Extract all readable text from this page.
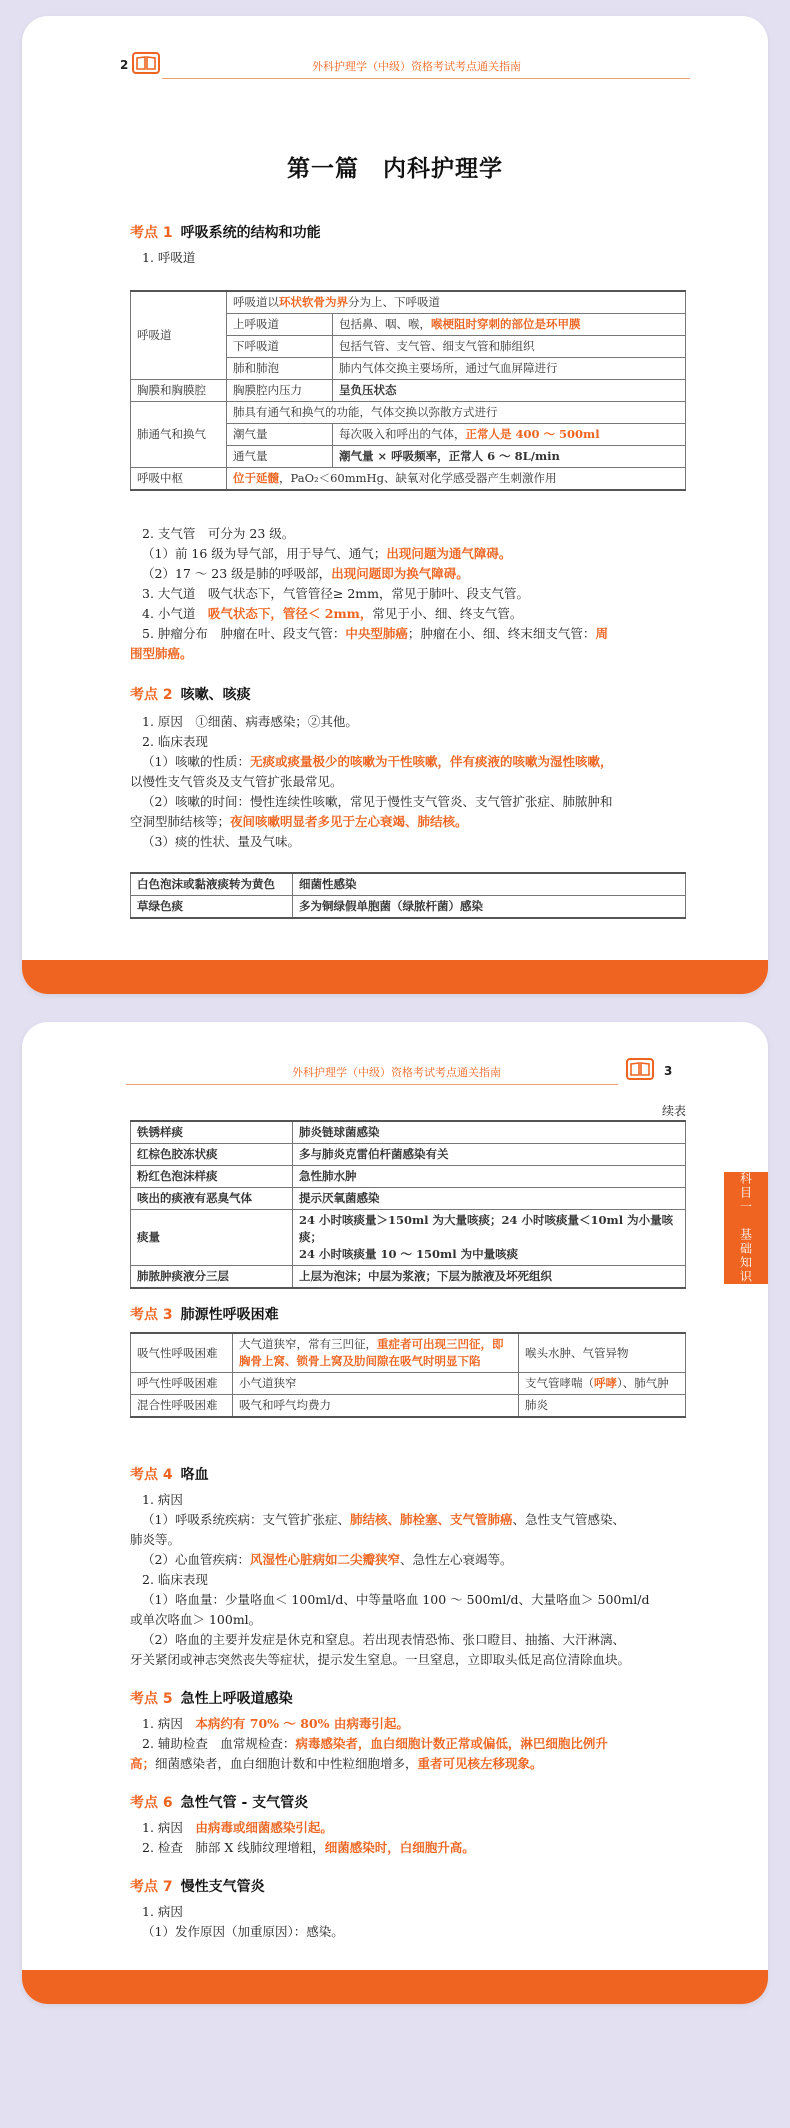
2	外科护理学（中级）资格考试考点通关指南
第一篇　内科护理学
考点 1 呼吸系统的结构和功能
1. 呼吸道
呼吸道	呼吸道以环状软骨为界分为上、下呼吸道	
	上呼吸道	包括鼻、咽、喉，喉梗阻时穿刺的部位是环甲膜
	下呼吸道	包括气管、支气管、细支气管和肺组织
	肺和肺泡	肺内气体交换主要场所，通过气血屏障进行
胸膜和胸膜腔	胸膜腔内压力	呈负压状态
肺通气和换气	肺具有通气和换气的功能，气体交换以弥散方式进行	
	潮气量	每次吸入和呼出的气体，正常人是 400 ～ 500ml
	通气量	潮气量 × 呼吸频率，正常人 6 ～ 8L/min
呼吸中枢	位于延髓，PaO₂＜60mmHg、缺氧对化学感受器产生刺激作用	
2. 支气管　可分为 23 级。
（1）前 16 级为导气部，用于导气、通气；出现问题为通气障碍。
（2）17 ～ 23 级是肺的呼吸部，出现问题即为换气障碍。
3. 大气道　吸气状态下，气管管径≥ 2mm，常见于肺叶、段支气管。
4. 小气道　吸气状态下，管径＜ 2mm，常见于小、细、终支气管。
5. 肿瘤分布　肿瘤在叶、段支气管：中央型肺癌；肿瘤在小、细、终末细支气管：周
围型肺癌。
考点 2 咳嗽、咳痰
1. 原因　①细菌、病毒感染；②其他。
2. 临床表现
（1）咳嗽的性质：无痰或痰量极少的咳嗽为干性咳嗽，伴有痰液的咳嗽为湿性咳嗽，
以慢性支气管炎及支气管扩张最常见。
（2）咳嗽的时间：慢性连续性咳嗽，常见于慢性支气管炎、支气管扩张症、肺脓肿和
空洞型肺结核等；夜间咳嗽明显者多见于左心衰竭、肺结核。
（3）痰的性状、量及气味。
白色泡沫或黏液痰转为黄色	细菌性感染
草绿色痰	多为铜绿假单胞菌（绿脓杆菌）感染
外科护理学（中级）资格考试考点通关指南	3
科目一　基础知识
续表
铁锈样痰	肺炎链球菌感染
红棕色胶冻状痰	多与肺炎克雷伯杆菌感染有关
粉红色泡沫样痰	急性肺水肿
咳出的痰液有恶臭气体	提示厌氧菌感染
痰量	24 小时咳痰量＞150ml 为大量咳痰；24 小时咳痰量＜10ml 为小量咳痰；
24 小时咳痰量 10 ～ 150ml 为中量咳痰

肺脓肿痰液分三层	上层为泡沫；中层为浆液；下层为脓液及坏死组织
考点 3 肺源性呼吸困难
吸气性呼吸困难	大气道狭窄，常有三凹征，重症者可出现三凹征，即胸骨上窝、锁骨上窝及肋间隙在吸气时明显下陷	喉头水肿、气管异物
呼气性呼吸困难	小气道狭窄	支气管哮喘（呼哮）、肺气肿
混合性呼吸困难	吸气和呼气均费力	肺炎
考点 4 咯血
1. 病因
（1）呼吸系统疾病：支气管扩张症、肺结核、肺栓塞、支气管肺癌、急性支气管感染、
肺炎等。
（2）心血管疾病：风湿性心脏病如二尖瓣狭窄、急性左心衰竭等。
2. 临床表现
（1）咯血量：少量咯血＜ 100ml/d、中等量咯血 100 ～ 500ml/d、大量咯血＞ 500ml/d
或单次咯血＞ 100ml。
（2）咯血的主要并发症是休克和窒息。若出现表情恐怖、张口瞪目、抽搐、大汗淋漓、
牙关紧闭或神志突然丧失等症状，提示发生窒息。一旦窒息，立即取头低足高位清除血块。
考点 5 急性上呼吸道感染
1. 病因　本病约有 70% ～ 80% 由病毒引起。
2. 辅助检查　血常规检查：病毒感染者，血白细胞计数正常或偏低，淋巴细胞比例升
高；细菌感染者，血白细胞计数和中性粒细胞增多，重者可见核左移现象。
考点 6 急性气管 - 支气管炎
1. 病因　由病毒或细菌感染引起。
2. 检查　肺部 X 线肺纹理增粗，细菌感染时，白细胞升高。
考点 7 慢性支气管炎
1. 病因
（1）发作原因（加重原因）：感染。
